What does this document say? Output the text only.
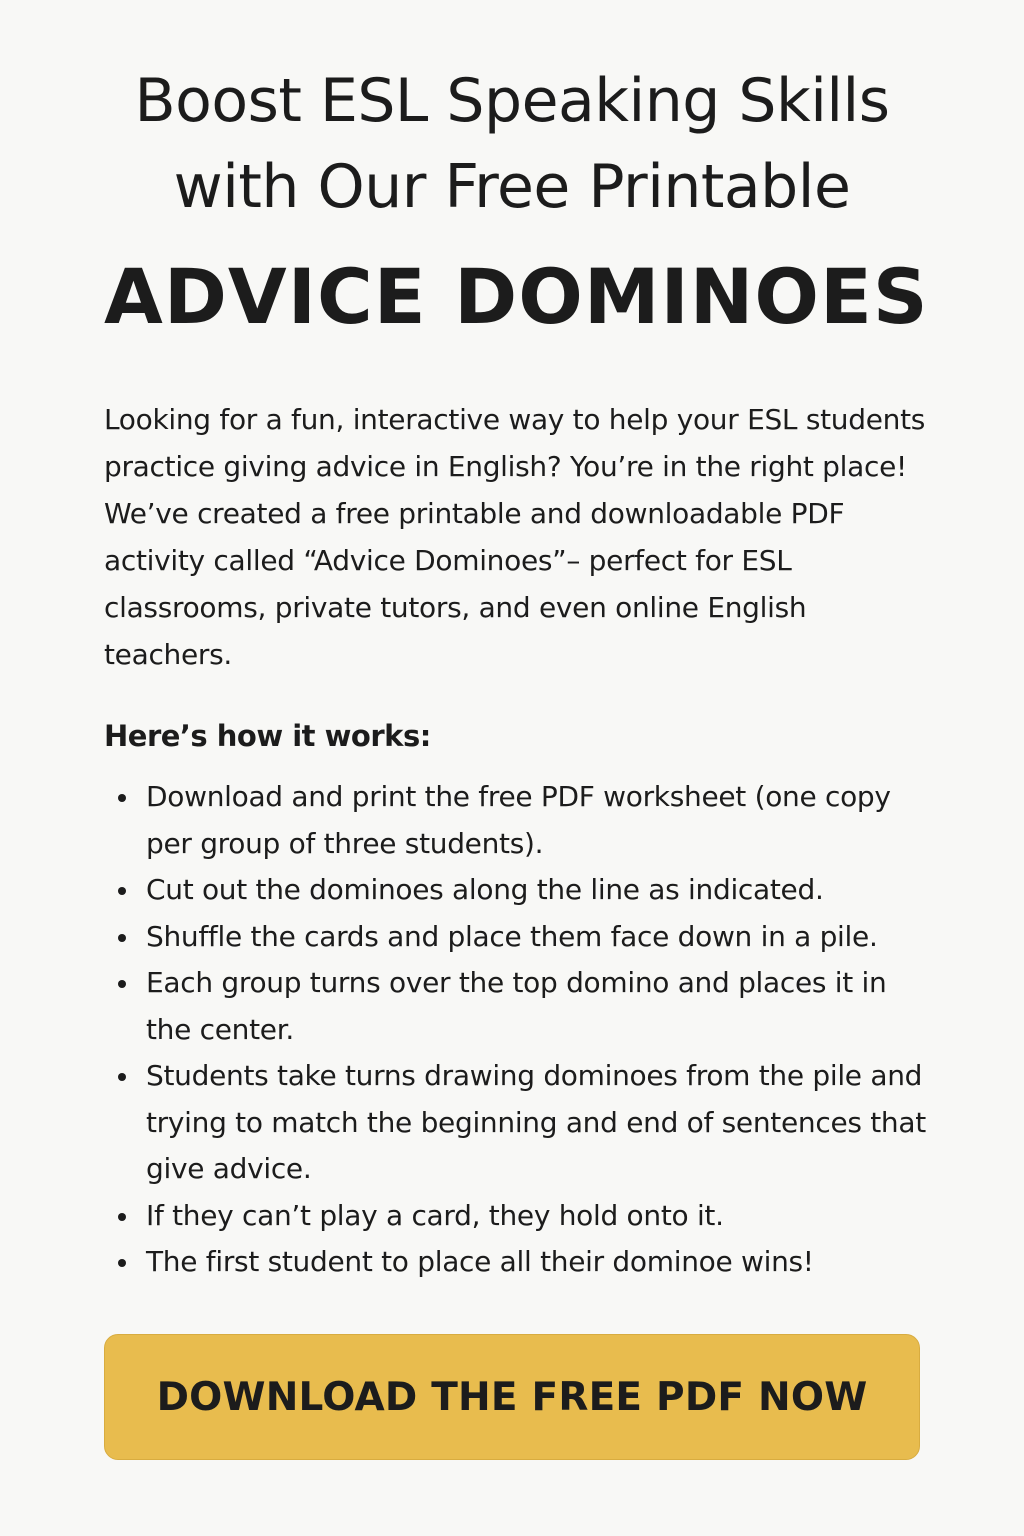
Boost ESL Speaking Skills
with Our Free Printable
ADVICE DOMINOES

Looking for a fun, interactive way to help your ESL students practice giving advice in English? You’re in the right place! We’ve created a free printable and downloadable PDF activity called “Advice Dominoes”– perfect for ESL classrooms, private tutors, and even online English teachers.

Here’s how it works:
Download and print the free PDF worksheet (one copy per group of three students).
Cut out the dominoes along the line as indicated.
Shuffle the cards and place them face down in a pile.
Each group turns over the top domino and places it in the center.
Students take turns drawing dominoes from the pile and trying to match the beginning and end of sentences that give advice.
If they can’t play a card, they hold onto it.
The first student to place all their dominoe wins!
DOWNLOAD THE FREE PDF NOW
